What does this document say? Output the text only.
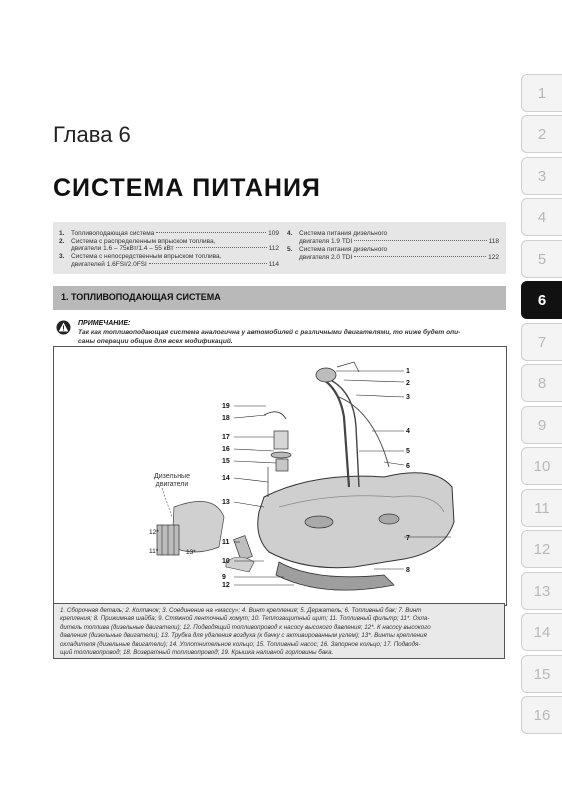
Глава 6
СИСТЕМА ПИТАНИЯ
1.	Топливоподающая система	109
2.	Система с распределенным впрыском топлива,
двигатели 1.6 – 75кВт/1.4 – 55 кВт	112
3.	Система с непосредственным впрыском топлива,
двигателей 1.6FSI/2.0FSI	114
4.	Система питания дизельного
двигателя 1.9 TDI	118
5.	Система питания дизельного
двигателя 2.0 TDI	122
1. ТОПЛИВОПОДАЮЩАЯ СИСТЕМА
ПРИМЕЧАНИЕ:
Так как топливоподающая система аналогична у автомобилей с различными двигателями, то ниже будет опи-
саны операции общие для всех модификаций.
Дизельные
двигатели
12*
11*	13*
1
2
3
4
5
6
7
8
19
18
17
16
15
14
13
11
10
9
12
1. Сборочная деталь; 2. Колпачок; 3. Соединение на «массу»; 4. Винт крепления; 5. Держатель; 6. Топливный бак; 7. Винт
крепления; 8. Прижимная шайба; 9. Стяжной ленточный хомут; 10. Теплозащитный щит; 11. Топливный фильтр; 11*. Охла-
дитель топлива (дизельные двигатели); 12. Подводящий топливопровод к насосу высокого давления; 12*. К насосу высокого
давления (дизельные двигатели); 13. Трубка для удаления воздуха (к бачку с активированным углем); 13*. Винты крепления
охладителя (дизельные двигатели); 14. Уплотнительное кольцо; 15. Топливный насос; 16. Запорное кольцо; 17. Подводя-
щий топливопровод; 18. Возвратный топливопровод; 19. Крышка наливной горловины бака.
1
2
3
4
5
6
7
8
9
10
11
12
13
14
15
16
